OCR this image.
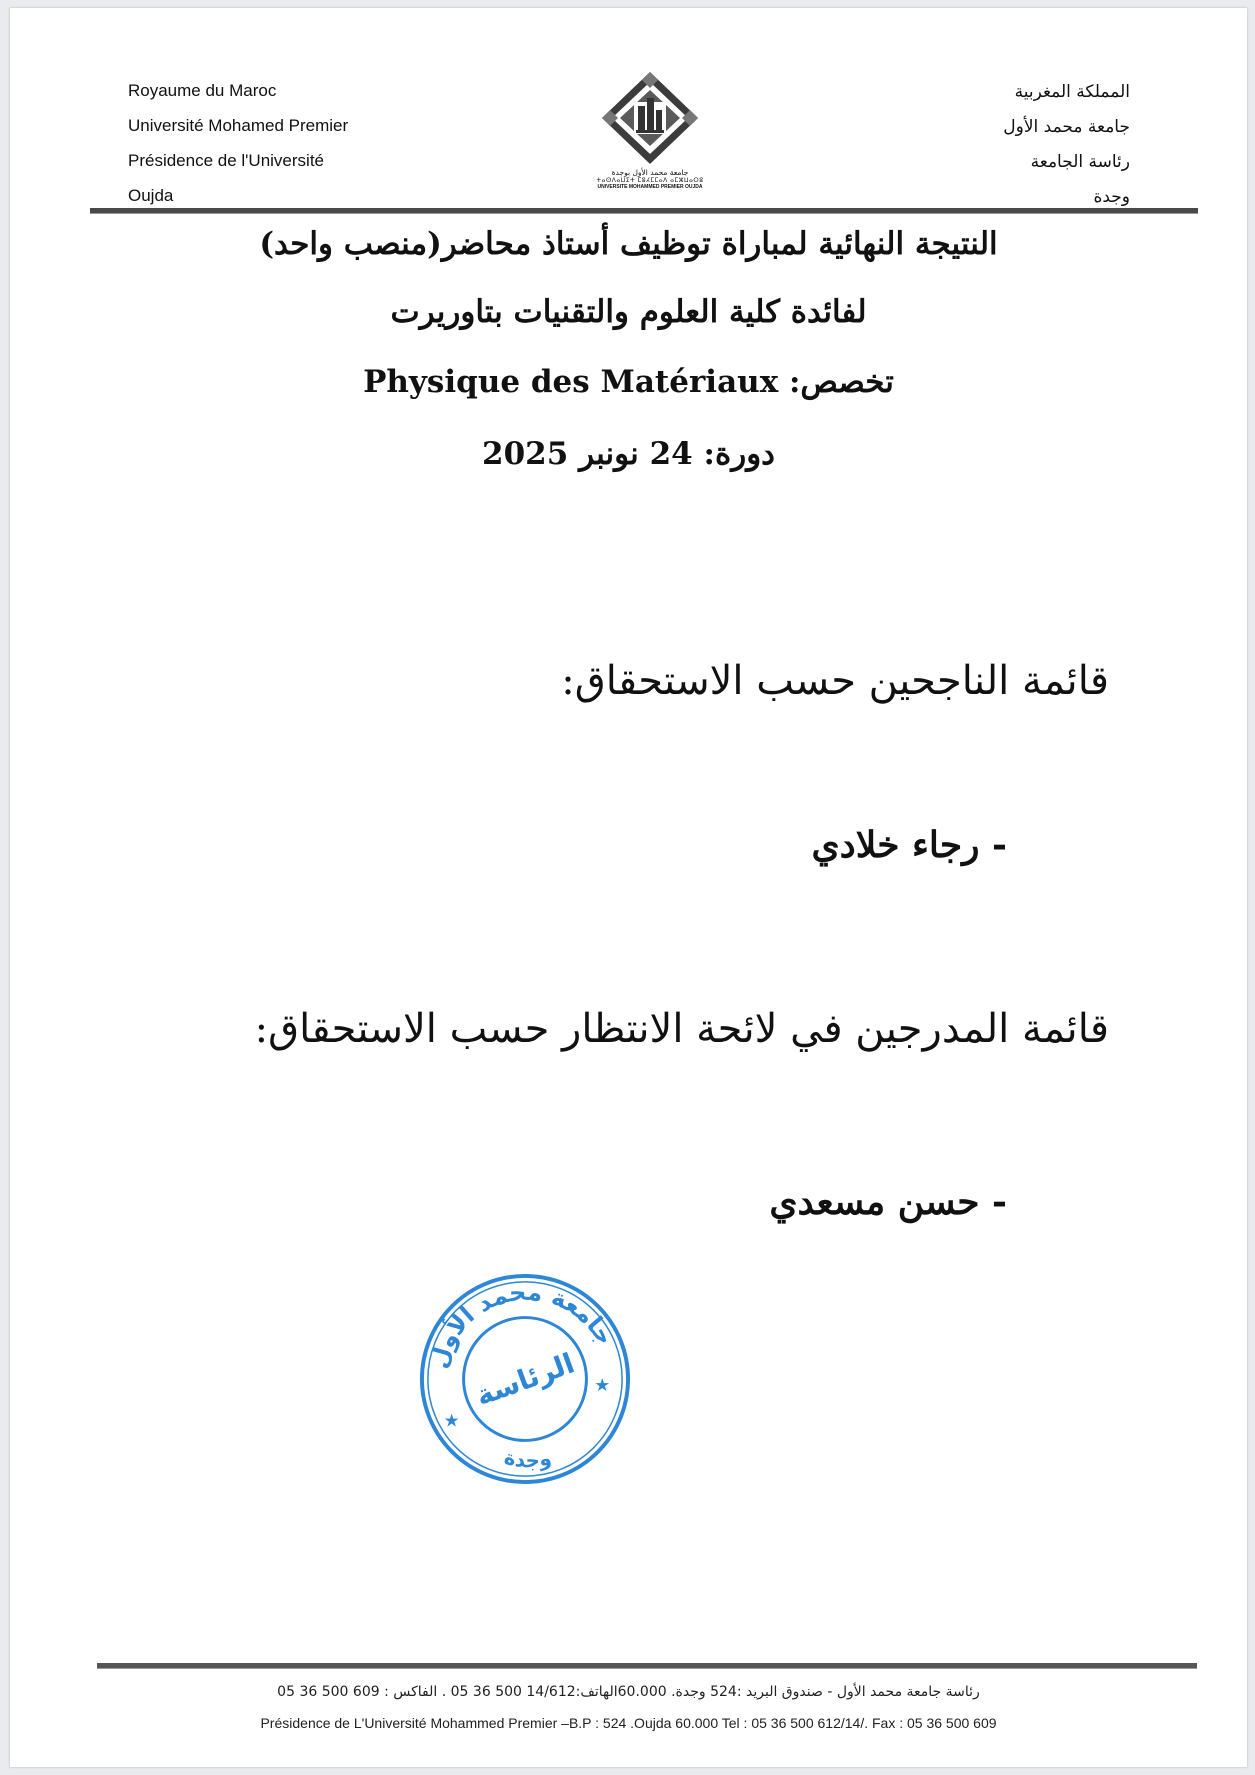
Royaume du Maroc
Université Mohamed Premier
Présidence de l'Université
Oujda
جامعة محمد الأول بوجدة
ⵜⴰⵙⴷⴰⵡⵉⵜ ⵎⵓⵃⵎⵎⴰⴷ ⴰⵎⵣⵡⴰⵔⵓ
UNIVERSITE MOHAMMED PREMIER OUJDA
المملكة المغربية
جامعة محمد الأول
رئاسة الجامعة
وجدة
النتيجة النهائية لمباراة توظيف أستاذ محاضر(منصب واحد)
لفائدة كلية العلوم والتقنيات بتاوريرت
تخصص: Physique des Matériaux
دورة: 24 نونبر 2025
قائمة الناجحين حسب الاستحقاق:
- رجاء خلادي
قائمة المدرجين في لائحة الانتظار حسب الاستحقاق:
- حسن مسعدي
جامعة محمد الأول
وجدة
الرئاسة ★
★
رئاسة جامعة محمد الأول - صندوق البريد :524 وجدة. 60.000الهاتف:14/612 500 36 05 . الفاكس : 609 500 36 05
Présidence de L'Université Mohammed Premier –B.P : 524 .Oujda 60.000 Tel : 05 36 500 612/14/. Fax : 05 36 500 609
